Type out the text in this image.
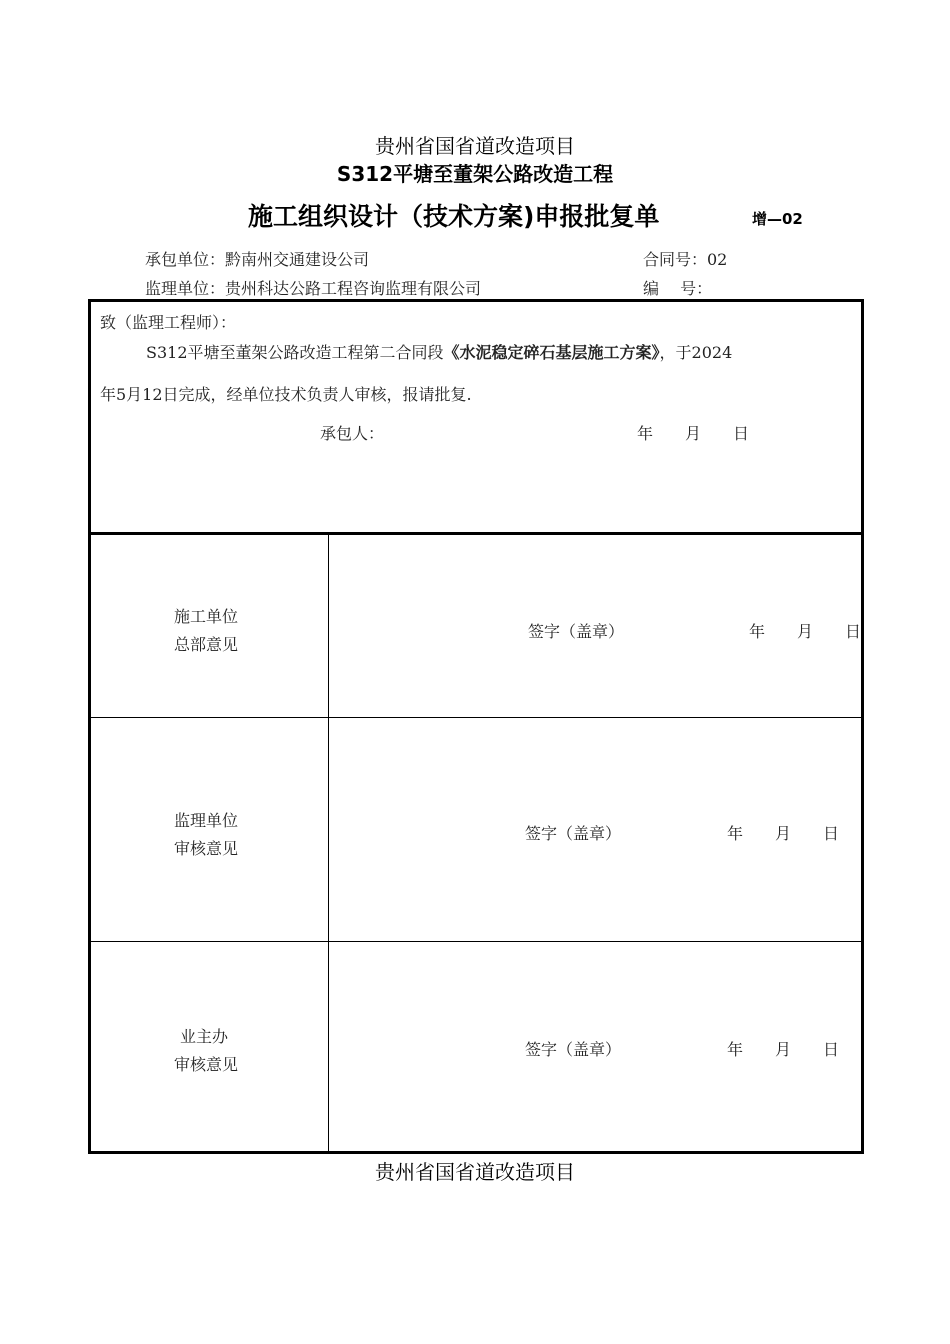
贵州省国省道改造项目
S312平塘至董架公路改造工程
施工组织设计（技术方案)申报批复单	增—02
承包单位：黔南州交通建设公司	合同号：02
监理单位：贵州科达公路工程咨询监理有限公司	编　 号：
致（监理工程师）：
S312平塘至董架公路改造工程第二合同段《水泥稳定碎石基层施工方案》，于2024
年5月12日完成，经单位技术负责人审核，报请批复.
承包人：	年　　月　　日
施工单位
总部意见
签字（盖章）	年　　月　　日
监理单位
审核意见
签字（盖章）	年　　月　　日
业主办
审核意见
签字（盖章）	年　　月　　日
贵州省国省道改造项目
